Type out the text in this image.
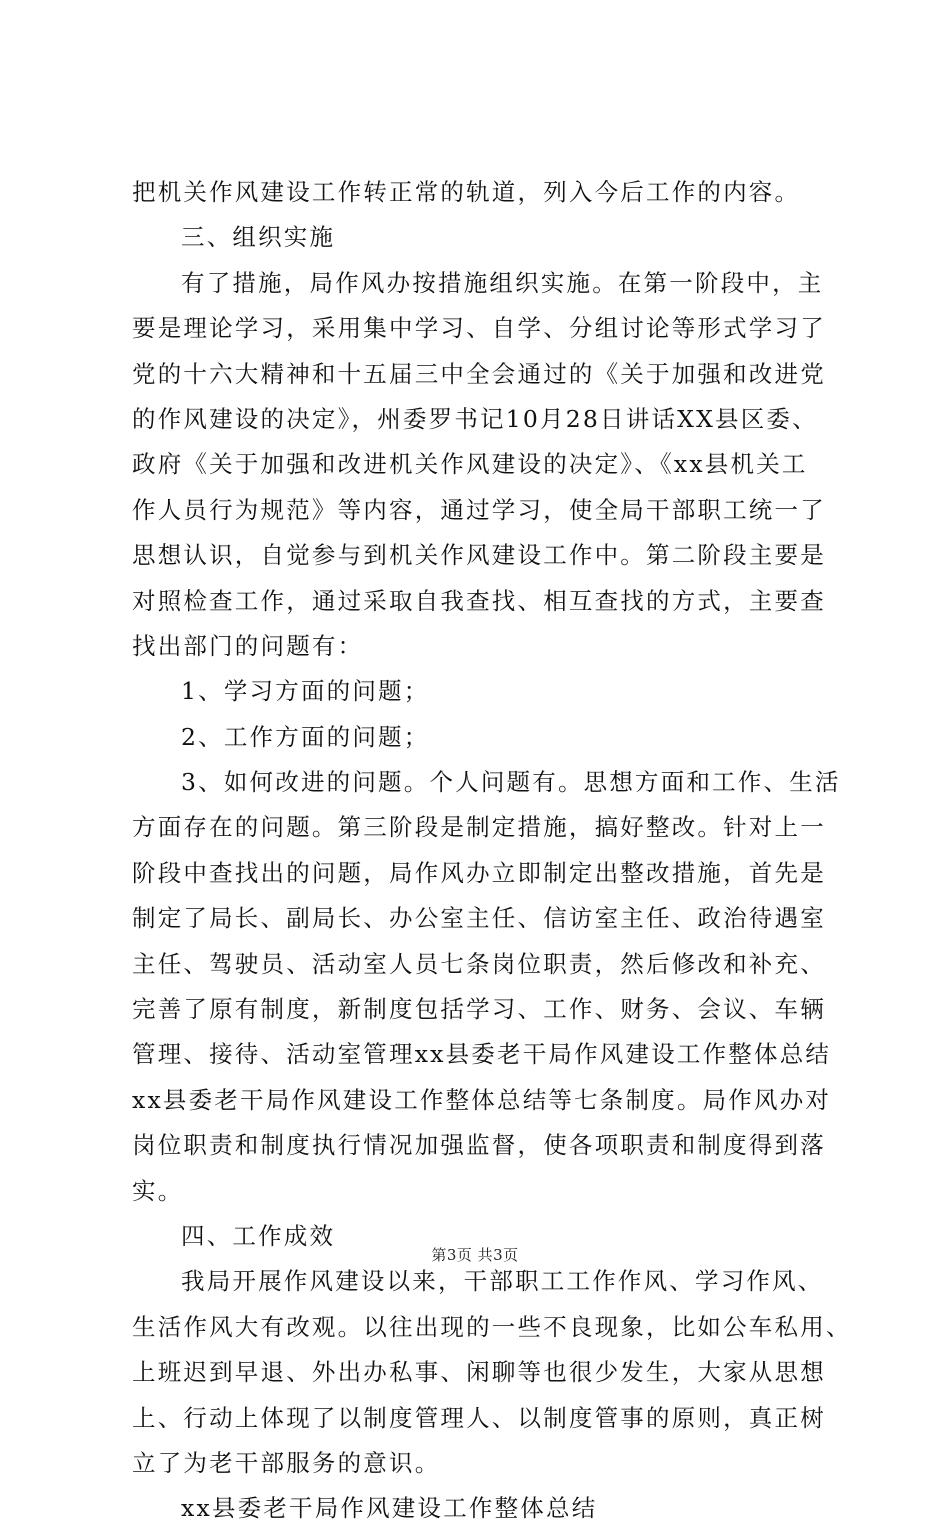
把机关作风建设工作转正常的轨道，列入今后工作的内容。
三、组织实施
有了措施，局作风办按措施组织实施。在第一阶段中，主
要是理论学习，采用集中学习、自学、分组讨论等形式学习了
党的十六大精神和十五届三中全会通过的《关于加强和改进党
的作风建设的决定》，州委罗书记10月28日讲话XX县区委、
政府《关于加强和改进机关作风建设的决定》、《xx县机关工
作人员行为规范》等内容，通过学习，使全局干部职工统一了
思想认识，自觉参与到机关作风建设工作中。第二阶段主要是
对照检查工作，通过采取自我查找、相互查找的方式，主要查
找出部门的问题有：
1、学习方面的问题；
2、工作方面的问题；
3、如何改进的问题。个人问题有。思想方面和工作、生活
方面存在的问题。第三阶段是制定措施，搞好整改。针对上一
阶段中查找出的问题，局作风办立即制定出整改措施，首先是
制定了局长、副局长、办公室主任、信访室主任、政治待遇室
主任、驾驶员、活动室人员七条岗位职责，然后修改和补充、
完善了原有制度，新制度包括学习、工作、财务、会议、车辆
管理、接待、活动室管理xx县委老干局作风建设工作整体总结
xx县委老干局作风建设工作整体总结等七条制度。局作风办对
岗位职责和制度执行情况加强监督，使各项职责和制度得到落
实。
四、工作成效
我局开展作风建设以来，干部职工工作作风、学习作风、
生活作风大有改观。以往出现的一些不良现象，比如公车私用、
上班迟到早退、外出办私事、闲聊等也很少发生，大家从思想
上、行动上体现了以制度管理人、以制度管事的原则，真正树
立了为老干部服务的意识。
xx县委老干局作风建设工作整体总结
第3页 共3页
